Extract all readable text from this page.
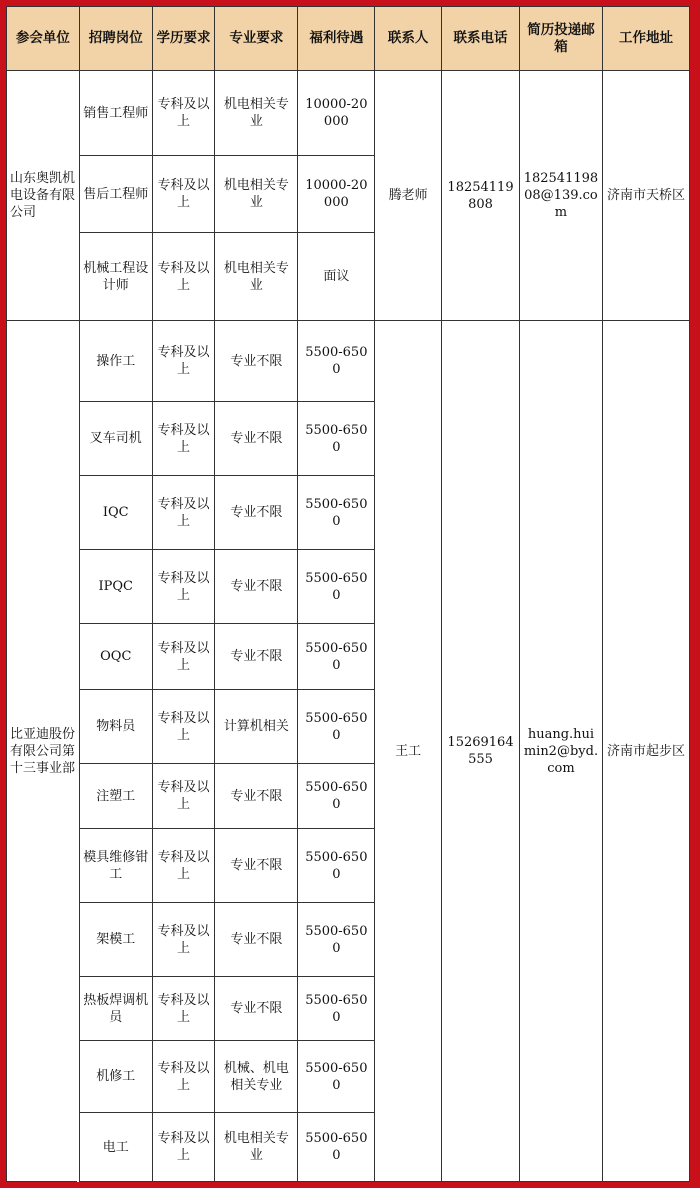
参会单位	招聘岗位	学历要求	专业要求	福利待遇	联系人	联系电话	简历投递邮箱	工作地址
山东奥凯机电设备有限公司	销售工程师	专科及以上	机电相关专业	10000-20000	腾老师	18254119808	18254119808@139.com	济南市天桥区
	售后工程师	专科及以上	机电相关专业	10000-20000				
	机械工程设计师	专科及以上	机电相关专业	面议				
比亚迪股份有限公司第十三事业部	操作工	专科及以上	专业不限	5500-6500	王工	15269164555	huang.huimin2@byd.com	济南市起步区
	叉车司机	专科及以上	专业不限	5500-6500				
	IQC	专科及以上	专业不限	5500-6500				
	IPQC	专科及以上	专业不限	5500-6500				
	OQC	专科及以上	专业不限	5500-6500				
	物料员	专科及以上	计算机相关	5500-6500				
	注塑工	专科及以上	专业不限	5500-6500				
	模具维修钳工	专科及以上	专业不限	5500-6500				
	架模工	专科及以上	专业不限	5500-6500				
	热板焊调机员	专科及以上	专业不限	5500-6500				
	机修工	专科及以上	机械、机电相关专业	5500-6500				
	电工	专科及以上	机电相关专业	5500-6500				
